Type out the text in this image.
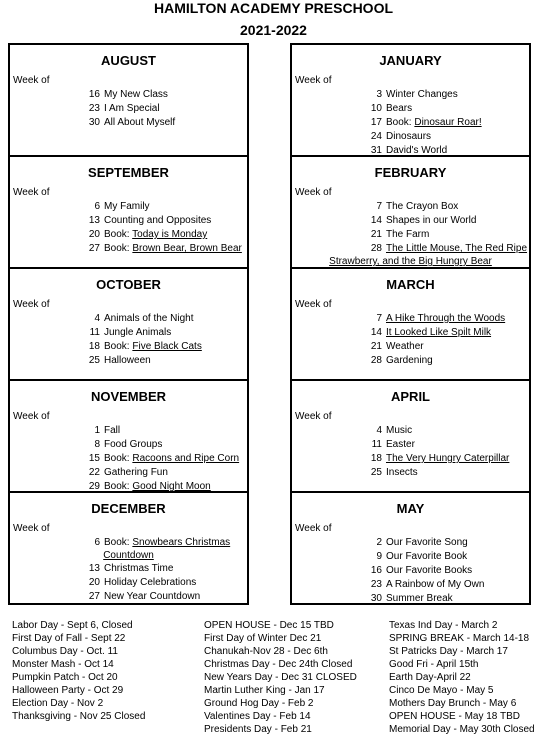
HAMILTON ACADEMY PRESCHOOL
2021-2022
AUGUST
Week of
16 My New Class
23 I Am Special
30 All About Myself
SEPTEMBER
Week of
6 My Family
13 Counting and Opposites
20 Book: Today is Monday
27 Book: Brown Bear, Brown Bear
OCTOBER
Week of
4 Animals of the Night
11 Jungle Animals
18 Book: Five Black Cats
25 Halloween
NOVEMBER
Week of
1 Fall
8 Food Groups
15 Book: Racoons and Ripe Corn
22 Gathering Fun
29 Book: Good Night Moon
DECEMBER
Week of
6 Book: Snowbears Christmas
Countdown
13 Christmas Time
20 Holiday Celebrations
27 New Year Countdown
JANUARY
Week of
3 Winter Changes
10 Bears
17 Book: Dinosaur Roar!
24 Dinosaurs
31 David's World
FEBRUARY
Week of
7 The Crayon Box
14 Shapes in our World
21 The Farm
28 The Little Mouse, The Red Ripe
Strawberry, and the Big Hungry Bear
MARCH
Week of
7 A Hike Through the Woods
14 It Looked Like Spilt Milk
21 Weather
28 Gardening
APRIL
Week of
4 Music
11 Easter
18 The Very Hungry Caterpillar
25 Insects
MAY
Week of
2 Our Favorite Song
9 Our Favorite Book
16 Our Favorite Books
23 A Rainbow of My Own
30 Summer Break
Labor Day - Sept 6, Closed
First Day of Fall - Sept 22
Columbus Day - Oct. 11
Monster Mash - Oct 14
Pumpkin Patch - Oct 20
Halloween Party - Oct 29
Election Day - Nov 2
Thanksgiving - Nov 25 Closed
OPEN HOUSE - Dec 15 TBD
First Day of Winter Dec 21
Chanukah-Nov 28 - Dec 6th
Christmas Day - Dec 24th Closed
New Years Day - Dec 31 CLOSED
Martin Luther King - Jan 17
Ground Hog Day - Feb 2
Valentines Day - Feb 14
Presidents Day - Feb 21
Texas Ind Day - March 2
SPRING BREAK - March 14-18
St Patricks Day - March 17
Good Fri - April 15th
Earth Day-April 22
Cinco De Mayo - May 5
Mothers Day Brunch - May 6
OPEN HOUSE - May 18 TBD
Memorial Day - May 30th Closed
